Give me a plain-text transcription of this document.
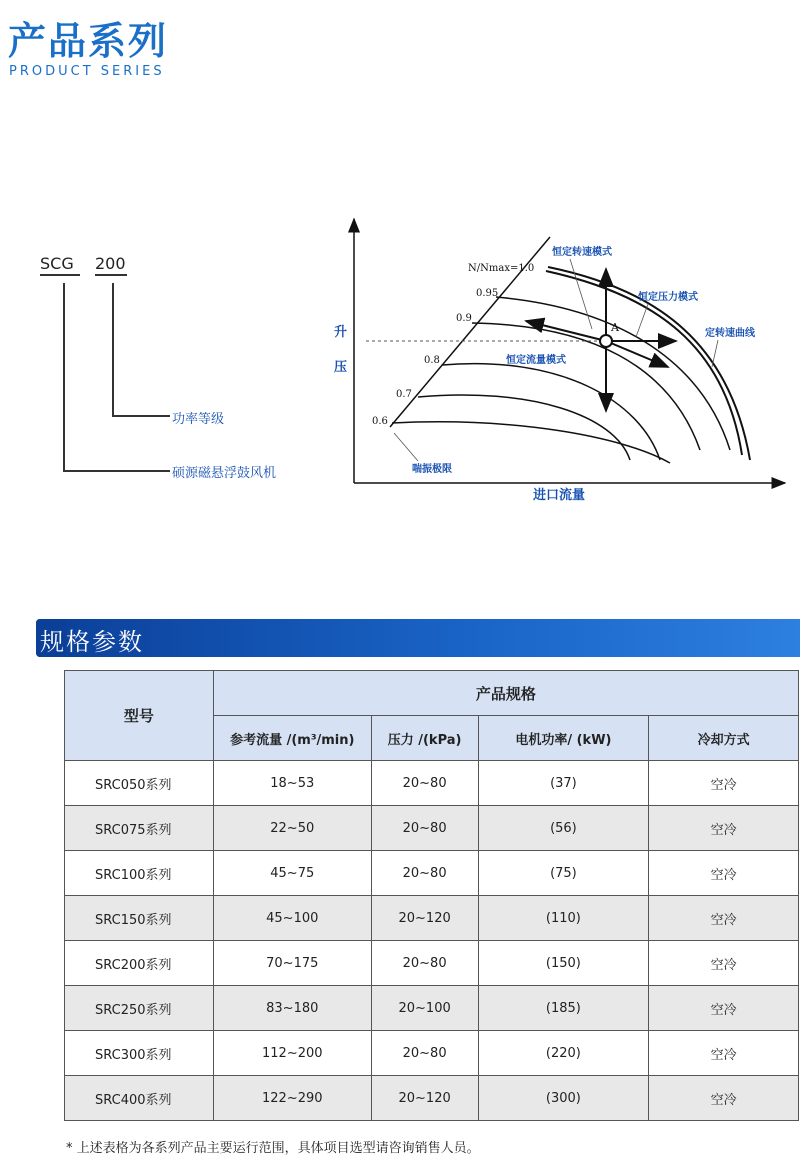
产品系列
PRODUCT SERIES
SCG 200
功率等级
硕源磁悬浮鼓风机
升
压
进口流量
A
N/Nmax=1.0
0.95
0.9
0.8
0.7
0.6
恒定转速模式
恒定压力模式
定转速曲线
恒定流量模式
喘振极限
规格参数
型号	产品规格			
	参考流量 /(m³/min)	压力 /(kPa)	电机功率/ (kW)	冷却方式
SRC050系列	18~53	20~80	(37)	空冷
SRC075系列	22~50	20~80	(56)	空冷
SRC100系列	45~75	20~80	(75)	空冷
SRC150系列	45~100	20~120	(110)	空冷
SRC200系列	70~175	20~80	(150)	空冷
SRC250系列	83~180	20~100	(185)	空冷
SRC300系列	112~200	20~80	(220)	空冷
SRC400系列	122~290	20~120	(300)	空冷
* 上述表格为各系列产品主要运行范围，具体项目选型请咨询销售人员。
